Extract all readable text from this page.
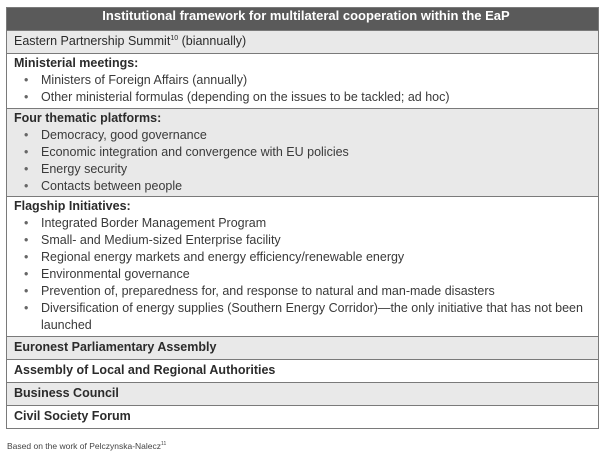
Institutional framework for multilateral cooperation within the EaP
Eastern Partnership Summit$^{10}$ (biannually)

Ministerial meetings:
• Ministers of Foreign Affairs (annually)
• Other ministerial formulas (depending on the issues to be tackled; ad hoc)

Four thematic platforms:
• Democracy, good governance
• Economic integration and convergence with EU policies
• Energy security
• Contacts between people

Flagship Initiatives:
• Integrated Border Management Program
• Small- and Medium-sized Enterprise facility
• Regional energy markets and energy efficiency/renewable energy
• Environmental governance
• Prevention of, preparedness for, and response to natural and man-made disasters
• Diversification of energy supplies (Southern Energy Corridor)—the only initiative that has not been launched

Euronest Parliamentary Assembly
Assembly of Local and Regional Authorities
Business Council
Civil Society Forum
Based on the work of Pelczynska-Nalecz$^{11}$
